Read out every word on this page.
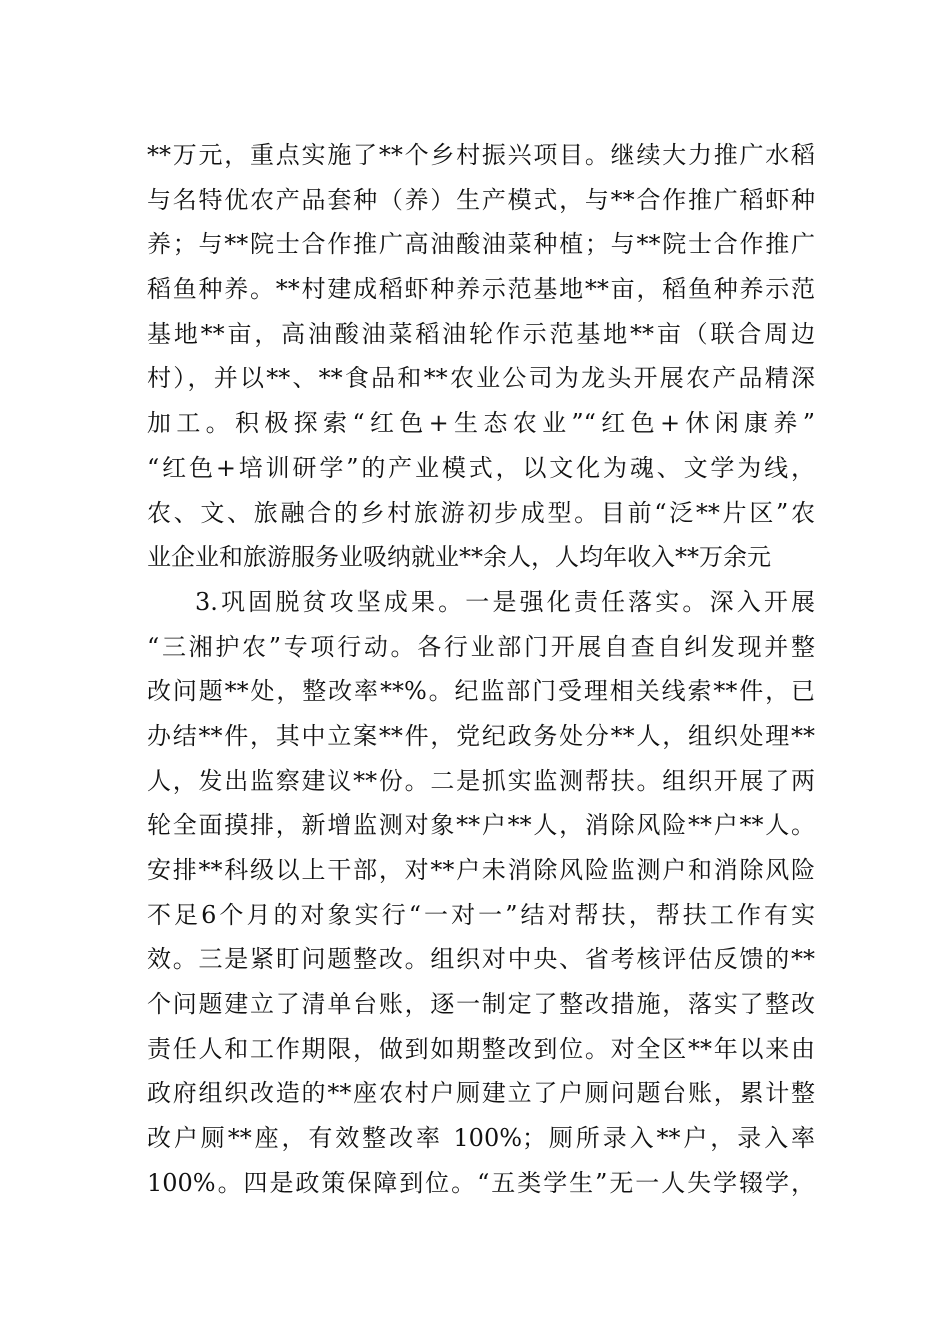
**万元，重点实施了**个乡村振兴项目。继续大力推广水稻
与名特优农产品套种（养）生产模式，与**合作推广稻虾种
养；与**院士合作推广高油酸油菜种植；与**院士合作推广
稻鱼种养。**村建成稻虾种养示范基地**亩，稻鱼种养示范
基地**亩，高油酸油菜稻油轮作示范基地**亩（联合周边
村），并以**、**食品和**农业公司为龙头开展农产品精深
加工。积极探索“红色+生态农业”“红色+休闲康养”
“红色+培训研学”的产业模式，以文化为魂、文学为线，
农、文、旅融合的乡村旅游初步成型。目前“泛**片区”农
业企业和旅游服务业吸纳就业**余人，人均年收入**万余元
3.巩固脱贫攻坚成果。一是强化责任落实。深入开展
“三湘护农”专项行动。各行业部门开展自查自纠发现并整
改问题**处，整改率**%。纪监部门受理相关线索**件，已
办结**件，其中立案**件，党纪政务处分**人，组织处理**
人，发出监察建议**份。二是抓实监测帮扶。组织开展了两
轮全面摸排，新增监测对象**户**人，消除风险**户**人。
安排**科级以上干部，对**户未消除风险监测户和消除风险
不足6个月的对象实行“一对一”结对帮扶，帮扶工作有实
效。三是紧盯问题整改。组织对中央、省考核评估反馈的**
个问题建立了清单台账，逐一制定了整改措施，落实了整改
责任人和工作期限，做到如期整改到位。对全区**年以来由
政府组织改造的**座农村户厕建立了户厕问题台账，累计整
改户厕**座，有效整改率 100%；厕所录入**户，录入率
100%。四是政策保障到位。“五类学生”无一人失学辍学，
